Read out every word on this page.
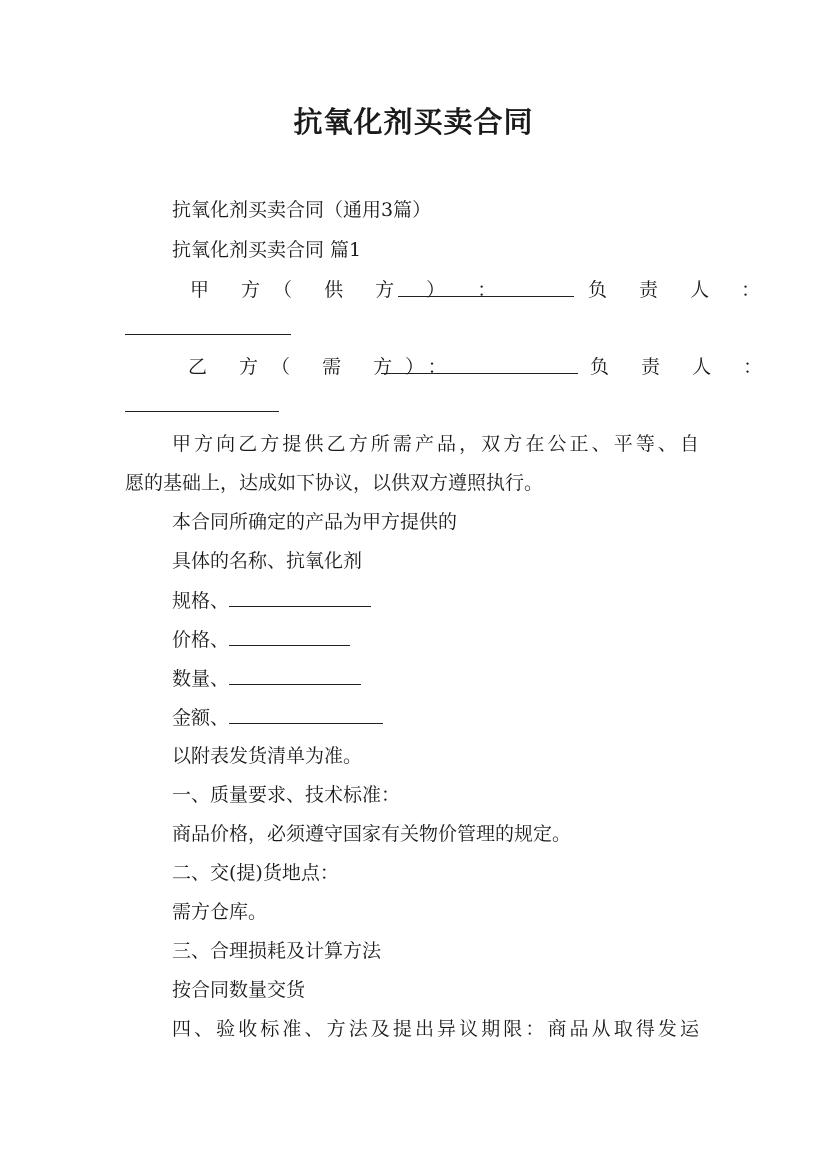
抗氧化剂买卖合同
抗氧化剂买卖合同（通用3篇）
抗氧化剂买卖合同 篇1
甲 方（ 供 方 ） ：	负 责 人 ：
乙 方（ 需 方）：	负 责 人 ：
甲方向乙方提供乙方所需产品，双方在公正、平等、自
愿的基础上，达成如下协议，以供双方遵照执行。
本合同所确定的产品为甲方提供的
具体的名称、抗氧化剂
规格、
价格、
数量、
金额、
以附表发货清单为准。
一、质量要求、技术标准：
商品价格，必须遵守国家有关物价管理的规定。
二、交(提)货地点：
需方仓库。
三、合理损耗及计算方法
按合同数量交货
四、验收标准、方法及提出异议期限：商品从取得发运
